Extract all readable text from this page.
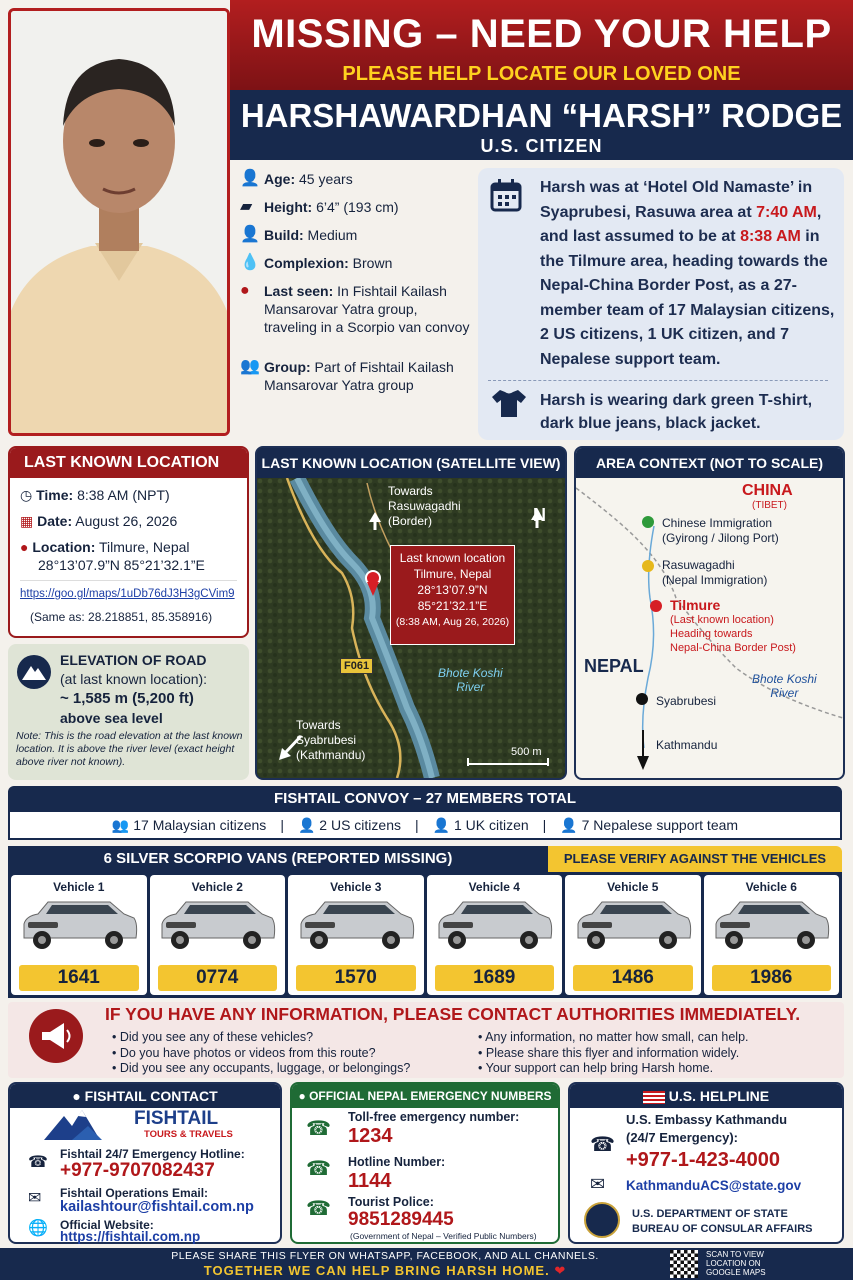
MISSING – NEED YOUR HELP
PLEASE HELP LOCATE OUR LOVED ONE
HARSHAWARDHAN “HARSH” RODGE
U.S. CITIZEN
👤 Age: 45 years
▰ Height: 6’4” (193 cm)
👤 Build: Medium
💧 Complexion: Brown
●	Last seen: In Fishtail Kailash Mansarovar Yatra group, traveling in a Scorpio van convoy
👥 Group: Part of Fishtail Kailash Mansarovar Yatra group
Harsh was at ‘Hotel Old Namaste’ in Syaprubesi, Rasuwa area at 7:40 AM, and last assumed to be at 8:38 AM in the Tilmure area, heading towards the Nepal-China Border Post, as a 27-member team of 17 Malaysian citizens, 2 US citizens, 1 UK citizen, and 7 Nepalese support team.
Harsh is wearing dark green T-shirt, dark blue jeans, black jacket.
LAST KNOWN LOCATION
◷ Time: 8:38 AM (NPT)
▦ Date: August 26, 2026
● Location: Tilmure, Nepal
28°13’07.9”N 85°21’32.1”E
https://goo.gl/maps/1uDb76dJ3H3gCVim9
(Same as: 28.218851, 85.358916)
ELEVATION OF ROAD
(at last known location):
~ 1,585 m (5,200 ft)
above sea level
Note: This is the road elevation at the last known location. It is above the river level (exact height above river not known).
LAST KNOWN LOCATION (SATELLITE VIEW)
Towards
Rasuwagadhi
(Border)	N
Last known location
Tilmure, Nepal
28°13’07.9”N
85°21’32.1”E
(8:38 AM, Aug 26, 2026)
F061	Bhote Koshi
River
Towards
Syabrubesi
(Kathmandu)	500 m
AREA CONTEXT (NOT TO SCALE)
CHINA
(TIBET)
NEPAL
Chinese Immigration
(Gyirong / Jilong Port)
Rasuwagadhi
(Nepal Immigration)
Tilmure
(Last known location)
Heading towards
Nepal-China Border Post)
Syabrubesi
Kathmandu
Bhote Koshi
River
FISHTAIL CONVOY – 27 MEMBERS TOTAL
👥 17 Malaysian citizens | 👤 2 US citizens | 👤 1 UK citizen | 👤 7 Nepalese support team
6 SILVER SCORPIO VANS (REPORTED MISSING)	PLEASE VERIFY AGAINST THE VEHICLES
Vehicle 1
1641
Vehicle 2
0774
Vehicle 3
1570
Vehicle 4
1689
Vehicle 5
1486
Vehicle 6
1986
IF YOU HAVE ANY INFORMATION, PLEASE CONTACT AUTHORITIES IMMEDIATELY.
• Did you see any of these vehicles?
• Do you have photos or videos from this route?
• Did you see any occupants, luggage, or belongings?
• Any information, no matter how small, can help.
• Please share this flyer and information widely.
• Your support can help bring Harsh home.
● FISHTAIL CONTACT
FISHTAIL
TOURS & TRAVELS
☎ Fishtail 24/7 Emergency Hotline:
+977-9707082437
✉ Fishtail Operations Email:
kailashtour@fishtail.com.np
🌐 Official Website:
https://fishtail.com.np
● OFFICIAL NEPAL EMERGENCY NUMBERS
☎
Toll-free emergency number:
1234
☎ Hotline Number:
1144
☎ Tourist Police:
9851289445
(Government of Nepal – Verified Public Numbers)
U.S. HELPLINE
U.S. Embassy Kathmandu
(24/7 Emergency):
☎
+977-1-423-4000
✉ KathmanduACS@state.gov
U.S. DEPARTMENT OF STATE
BUREAU OF CONSULAR AFFAIRS
PLEASE SHARE THIS FLYER ON WHATSAPP, FACEBOOK, AND ALL CHANNELS.
TOGETHER WE CAN HELP BRING HARSH HOME. ❤
SCAN TO VIEW
LOCATION ON
GOOGLE MAPS
